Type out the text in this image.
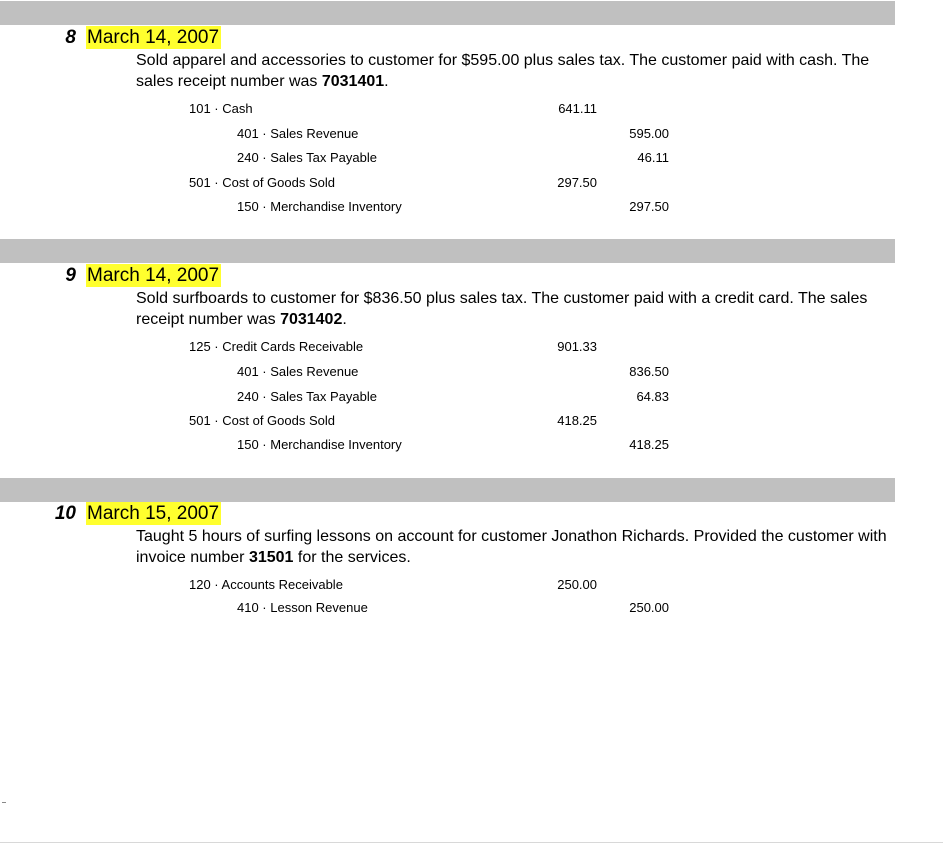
8 March 14, 2007

Sold apparel and accessories to customer for $595.00 plus sales tax. The customer paid with cash. The sales receipt number was 7031401.

101 · Cash	641.11
401 · Sales Revenue	595.00
240 · Sales Tax Payable	46.11
501 · Cost of Goods Sold	297.50
150 · Merchandise Inventory	297.50
9 March 14, 2007

Sold surfboards to customer for $836.50 plus sales tax. The customer paid with a credit card. The sales receipt number was 7031402.

125 · Credit Cards Receivable	901.33
401 · Sales Revenue	836.50
240 · Sales Tax Payable	64.83
501 · Cost of Goods Sold	418.25
150 · Merchandise Inventory	418.25
10 March 15, 2007

Taught 5 hours of surfing lessons on account for customer Jonathon Richards. Provided the customer with invoice number 31501 for the services.

120 · Accounts Receivable	250.00
410 · Lesson Revenue	250.00
